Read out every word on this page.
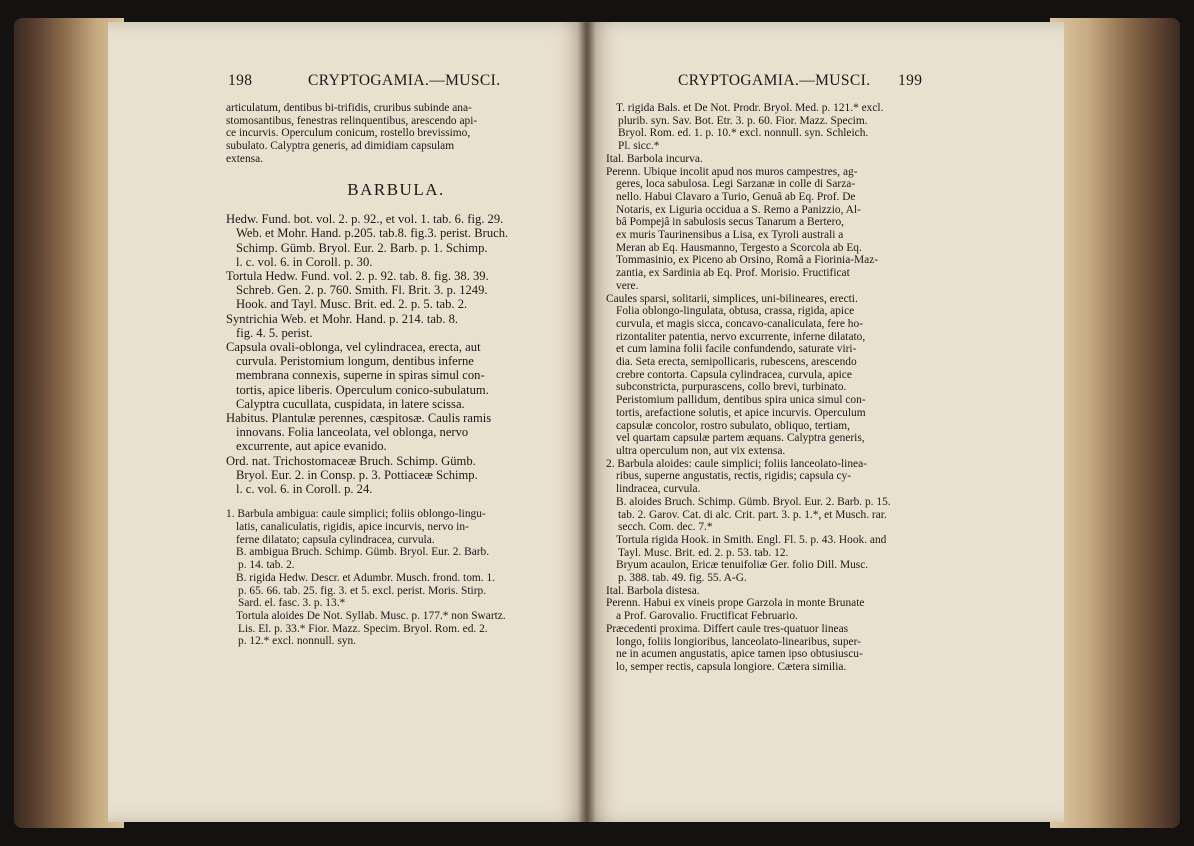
198	CRYPTOGAMIA.—MUSCI.

articulatum, dentibus bi-trifidis, cruribus subinde ana-

stomosantibus, fenestras relinquentibus, arescendo api-

ce incurvis. Operculum conicum, rostello brevissimo,

subulato. Calyptra generis, ad dimidiam capsulam

extensa.

BARBULA.

Hedw. Fund. bot. vol. 2. p. 92., et vol. 1. tab. 6. fig. 29.

Web. et Mohr. Hand. p.205. tab.8. fig.3. perist. Bruch.

Schimp. Gümb. Bryol. Eur. 2. Barb. p. 1. Schimp.

l. c. vol. 6. in Coroll. p. 30.

Tortula Hedw. Fund. vol. 2. p. 92. tab. 8. fig. 38. 39.

Schreb. Gen. 2. p. 760. Smith. Fl. Brit. 3. p. 1249.

Hook. and Tayl. Musc. Brit. ed. 2. p. 5. tab. 2.

Syntrichia Web. et Mohr. Hand. p. 214. tab. 8.

fig. 4. 5. perist.

Capsula ovali-oblonga, vel cylindracea, erecta, aut

curvula. Peristomium longum, dentibus inferne

membrana connexis, superne in spiras simul con-

tortis, apice liberis. Operculum conico-subulatum.

Calyptra cucullata, cuspidata, in latere scissa.

Habitus. Plantulæ perennes, cæspitosæ. Caulis ramis

innovans. Folia lanceolata, vel oblonga, nervo

excurrente, aut apice evanido.

Ord. nat. Trichostomaceæ Bruch. Schimp. Gümb.

Bryol. Eur. 2. in Consp. p. 3. Pottiaceæ Schimp.

l. c. vol. 6. in Coroll. p. 24.

1. Barbula ambigua: caule simplici; foliis oblongo-lingu-

latis, canaliculatis, rigidis, apice incurvis, nervo in-

ferne dilatato; capsula cylindracea, curvula.

B. ambigua Bruch. Schimp. Gümb. Bryol. Eur. 2. Barb.

p. 14. tab. 2.

B. rigida Hedw. Descr. et Adumbr. Musch. frond. tom. 1.

p. 65. 66. tab. 25. fig. 3. et 5. excl. perist. Moris. Stirp.

Sard. el. fasc. 3. p. 13.*

Tortula aloides De Not. Syllab. Musc. p. 177.* non Swartz.

Lis. El. p. 33.* Fior. Mazz. Specim. Bryol. Rom. ed. 2.

p. 12.* excl. nonnull. syn.

CRYPTOGAMIA.—MUSCI. 199

T. rigida Bals. et De Not. Prodr. Bryol. Med. p. 121.* excl.

plurib. syn. Sav. Bot. Etr. 3. p. 60. Fior. Mazz. Specim.

Bryol. Rom. ed. 1. p. 10.* excl. nonnull. syn. Schleich.

Pl. sicc.*

Ital. Barbola incurva.

Perenn. Ubique incolit apud nos muros campestres, ag-

geres, loca sabulosa. Legi Sarzanæ in colle di Sarza-

nello. Habui Clavaro a Turio, Genuâ ab Eq. Prof. De

Notaris, ex Liguria occidua a S. Remo a Panizzio, Al-

bâ Pompejâ in sabulosis secus Tanarum a Bertero,

ex muris Taurinensibus a Lisa, ex Tyroli australi a

Meran ab Eq. Hausmanno, Tergesto a Scorcola ab Eq.

Tommasinio, ex Piceno ab Orsino, Româ a Fiorinia-Maz-

zantia, ex Sardinia ab Eq. Prof. Morisio. Fructificat

vere.

Caules sparsi, solitarii, simplices, uni-bilineares, erecti.

Folia oblongo-lingulata, obtusa, crassa, rigida, apice

curvula, et magis sicca, concavo-canaliculata, fere ho-

rizontaliter patentia, nervo excurrente, inferne dilatato,

et cum lamina folii facile confundendo, saturate viri-

dia. Seta erecta, semipollicaris, rubescens, arescendo

crebre contorta. Capsula cylindracea, curvula, apice

subconstricta, purpurascens, collo brevi, turbinato.

Peristomium pallidum, dentibus spira unica simul con-

tortis, arefactione solutis, et apice incurvis. Operculum

capsulæ concolor, rostro subulato, obliquo, tertiam,

vel quartam capsulæ partem æquans. Calyptra generis,

ultra operculum non, aut vix extensa.

2. Barbula aloides: caule simplici; foliis lanceolato-linea-

ribus, superne angustatis, rectis, rigidis; capsula cy-

lindracea, curvula.

B. aloides Bruch. Schimp. Gümb. Bryol. Eur. 2. Barb. p. 15.

tab. 2. Garov. Cat. di alc. Crit. part. 3. p. 1.*, et Musch. rar.

secch. Com. dec. 7.*

Tortula rigida Hook. in Smith. Engl. Fl. 5. p. 43. Hook. and

Tayl. Musc. Brit. ed. 2. p. 53. tab. 12.

Bryum acaulon, Ericæ tenuifoliæ Ger. folio Dill. Musc.

p. 388. tab. 49. fig. 55. A-G.

Ital. Barbola distesa.

Perenn. Habui ex vineis prope Garzola in monte Brunate

a Prof. Garovalio. Fructificat Februario.

Præcedenti proxima. Differt caule tres-quatuor lineas

longo, foliis longioribus, lanceolato-linearibus, super-

ne in acumen angustatis, apice tamen ipso obtusiuscu-

lo, semper rectis, capsula longiore. Cætera similia.
